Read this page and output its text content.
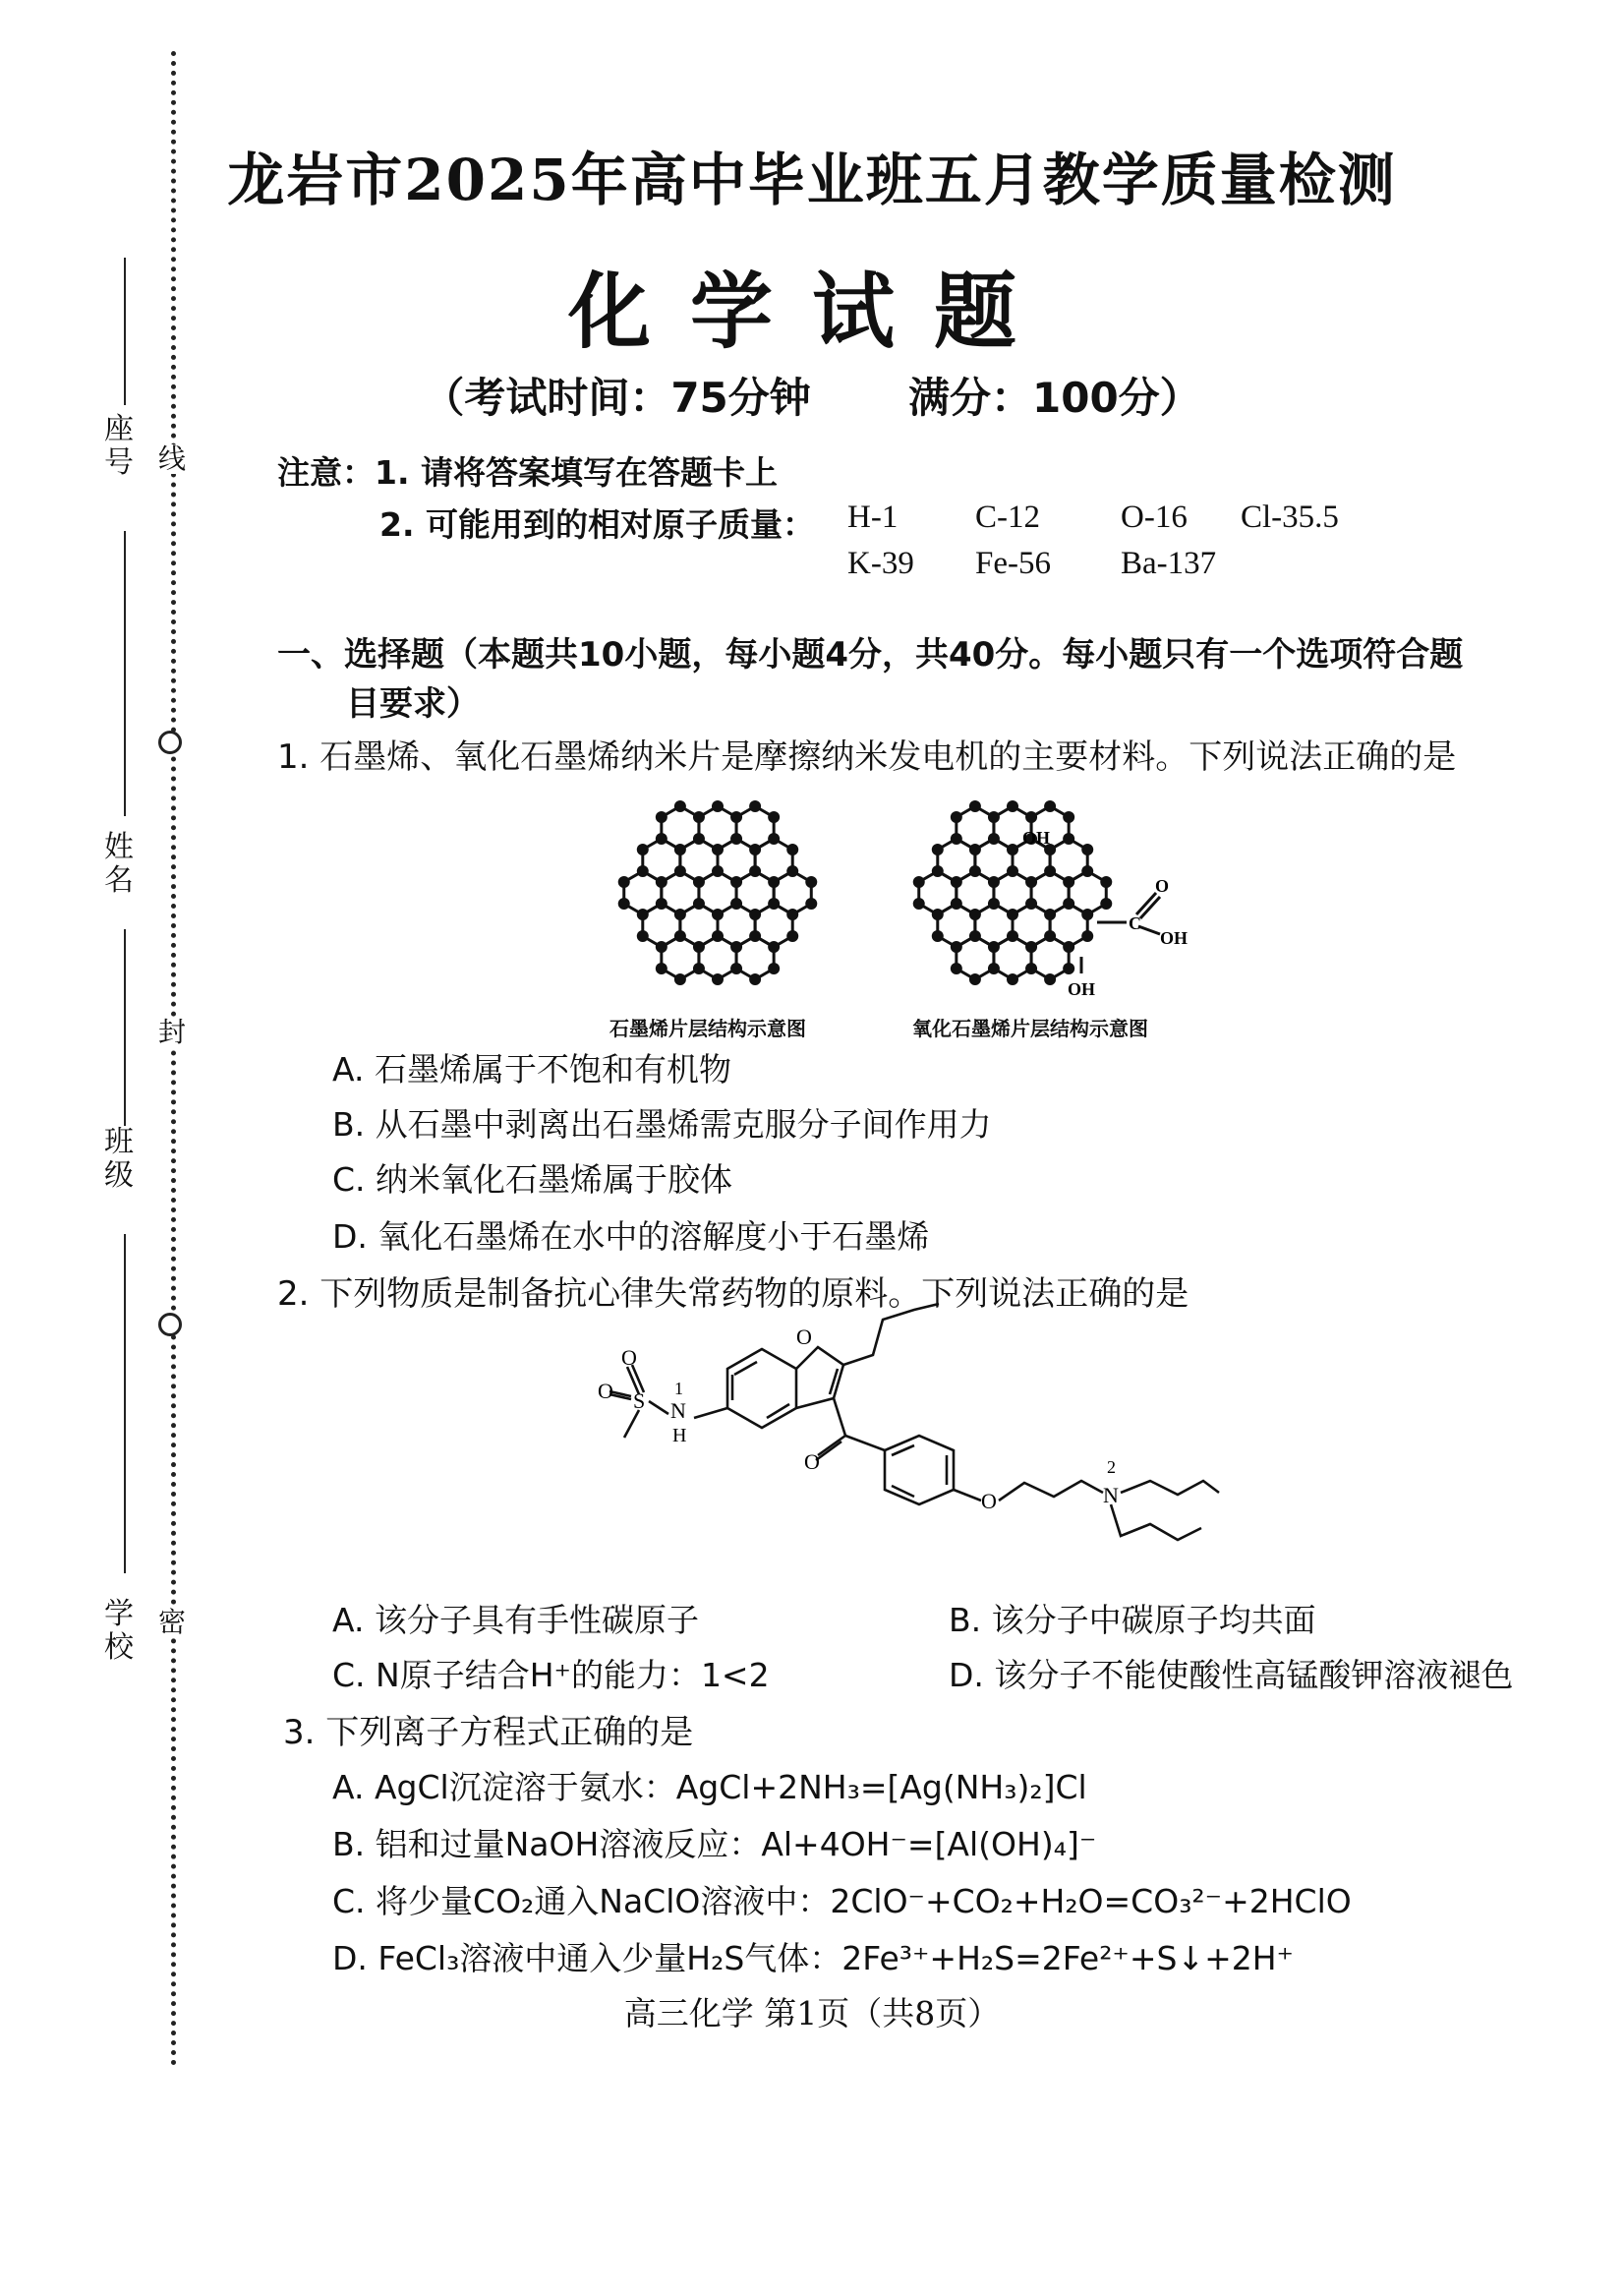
座号
姓名
班级
学校
线
封
密
龙岩市2025年高中毕业班五月教学质量检测
化学试题
（考试时间：75分钟 满分：100分）
注意：1. 请将答案填写在答题卡上
2. 可能用到的相对原子质量： H-1 C-12 O-16 Cl-35.5
K-39 Fe-56 Ba-137
一、选择题（本题共10小题，每小题4分，共40分。每小题只有一个选项符合题
目要求）
1. 石墨烯、氧化石墨烯纳米片是摩擦纳米发电机的主要材料。下列说法正确的是
OH
OH
C
O
OH
石墨烯片层结构示意图	氧化石墨烯片层结构示意图
A. 石墨烯属于不饱和有机物
B. 从石墨中剥离出石墨烯需克服分子间作用力
C. 纳米氧化石墨烯属于胶体
D. 氧化石墨烯在水中的溶解度小于石墨烯
2. 下列物质是制备抗心律失常药物的原料。下列说法正确的是
O
O
S
O	1
N
H
O
O
2
N
A. 该分子具有手性碳原子	B. 该分子中碳原子均共面
C. N原子结合H⁺的能力：1<2	D. 该分子不能使酸性高锰酸钾溶液褪色
3. 下列离子方程式正确的是
A. AgCl沉淀溶于氨水：AgCl+2NH₃=[Ag(NH₃)₂]Cl
B. 铝和过量NaOH溶液反应：Al+4OH⁻=[Al(OH)₄]⁻
C. 将少量CO₂通入NaClO溶液中：2ClO⁻+CO₂+H₂O=CO₃²⁻+2HClO
D. FeCl₃溶液中通入少量H₂S气体：2Fe³⁺+H₂S=2Fe²⁺+S↓+2H⁺
高三化学 第1页（共8页）
